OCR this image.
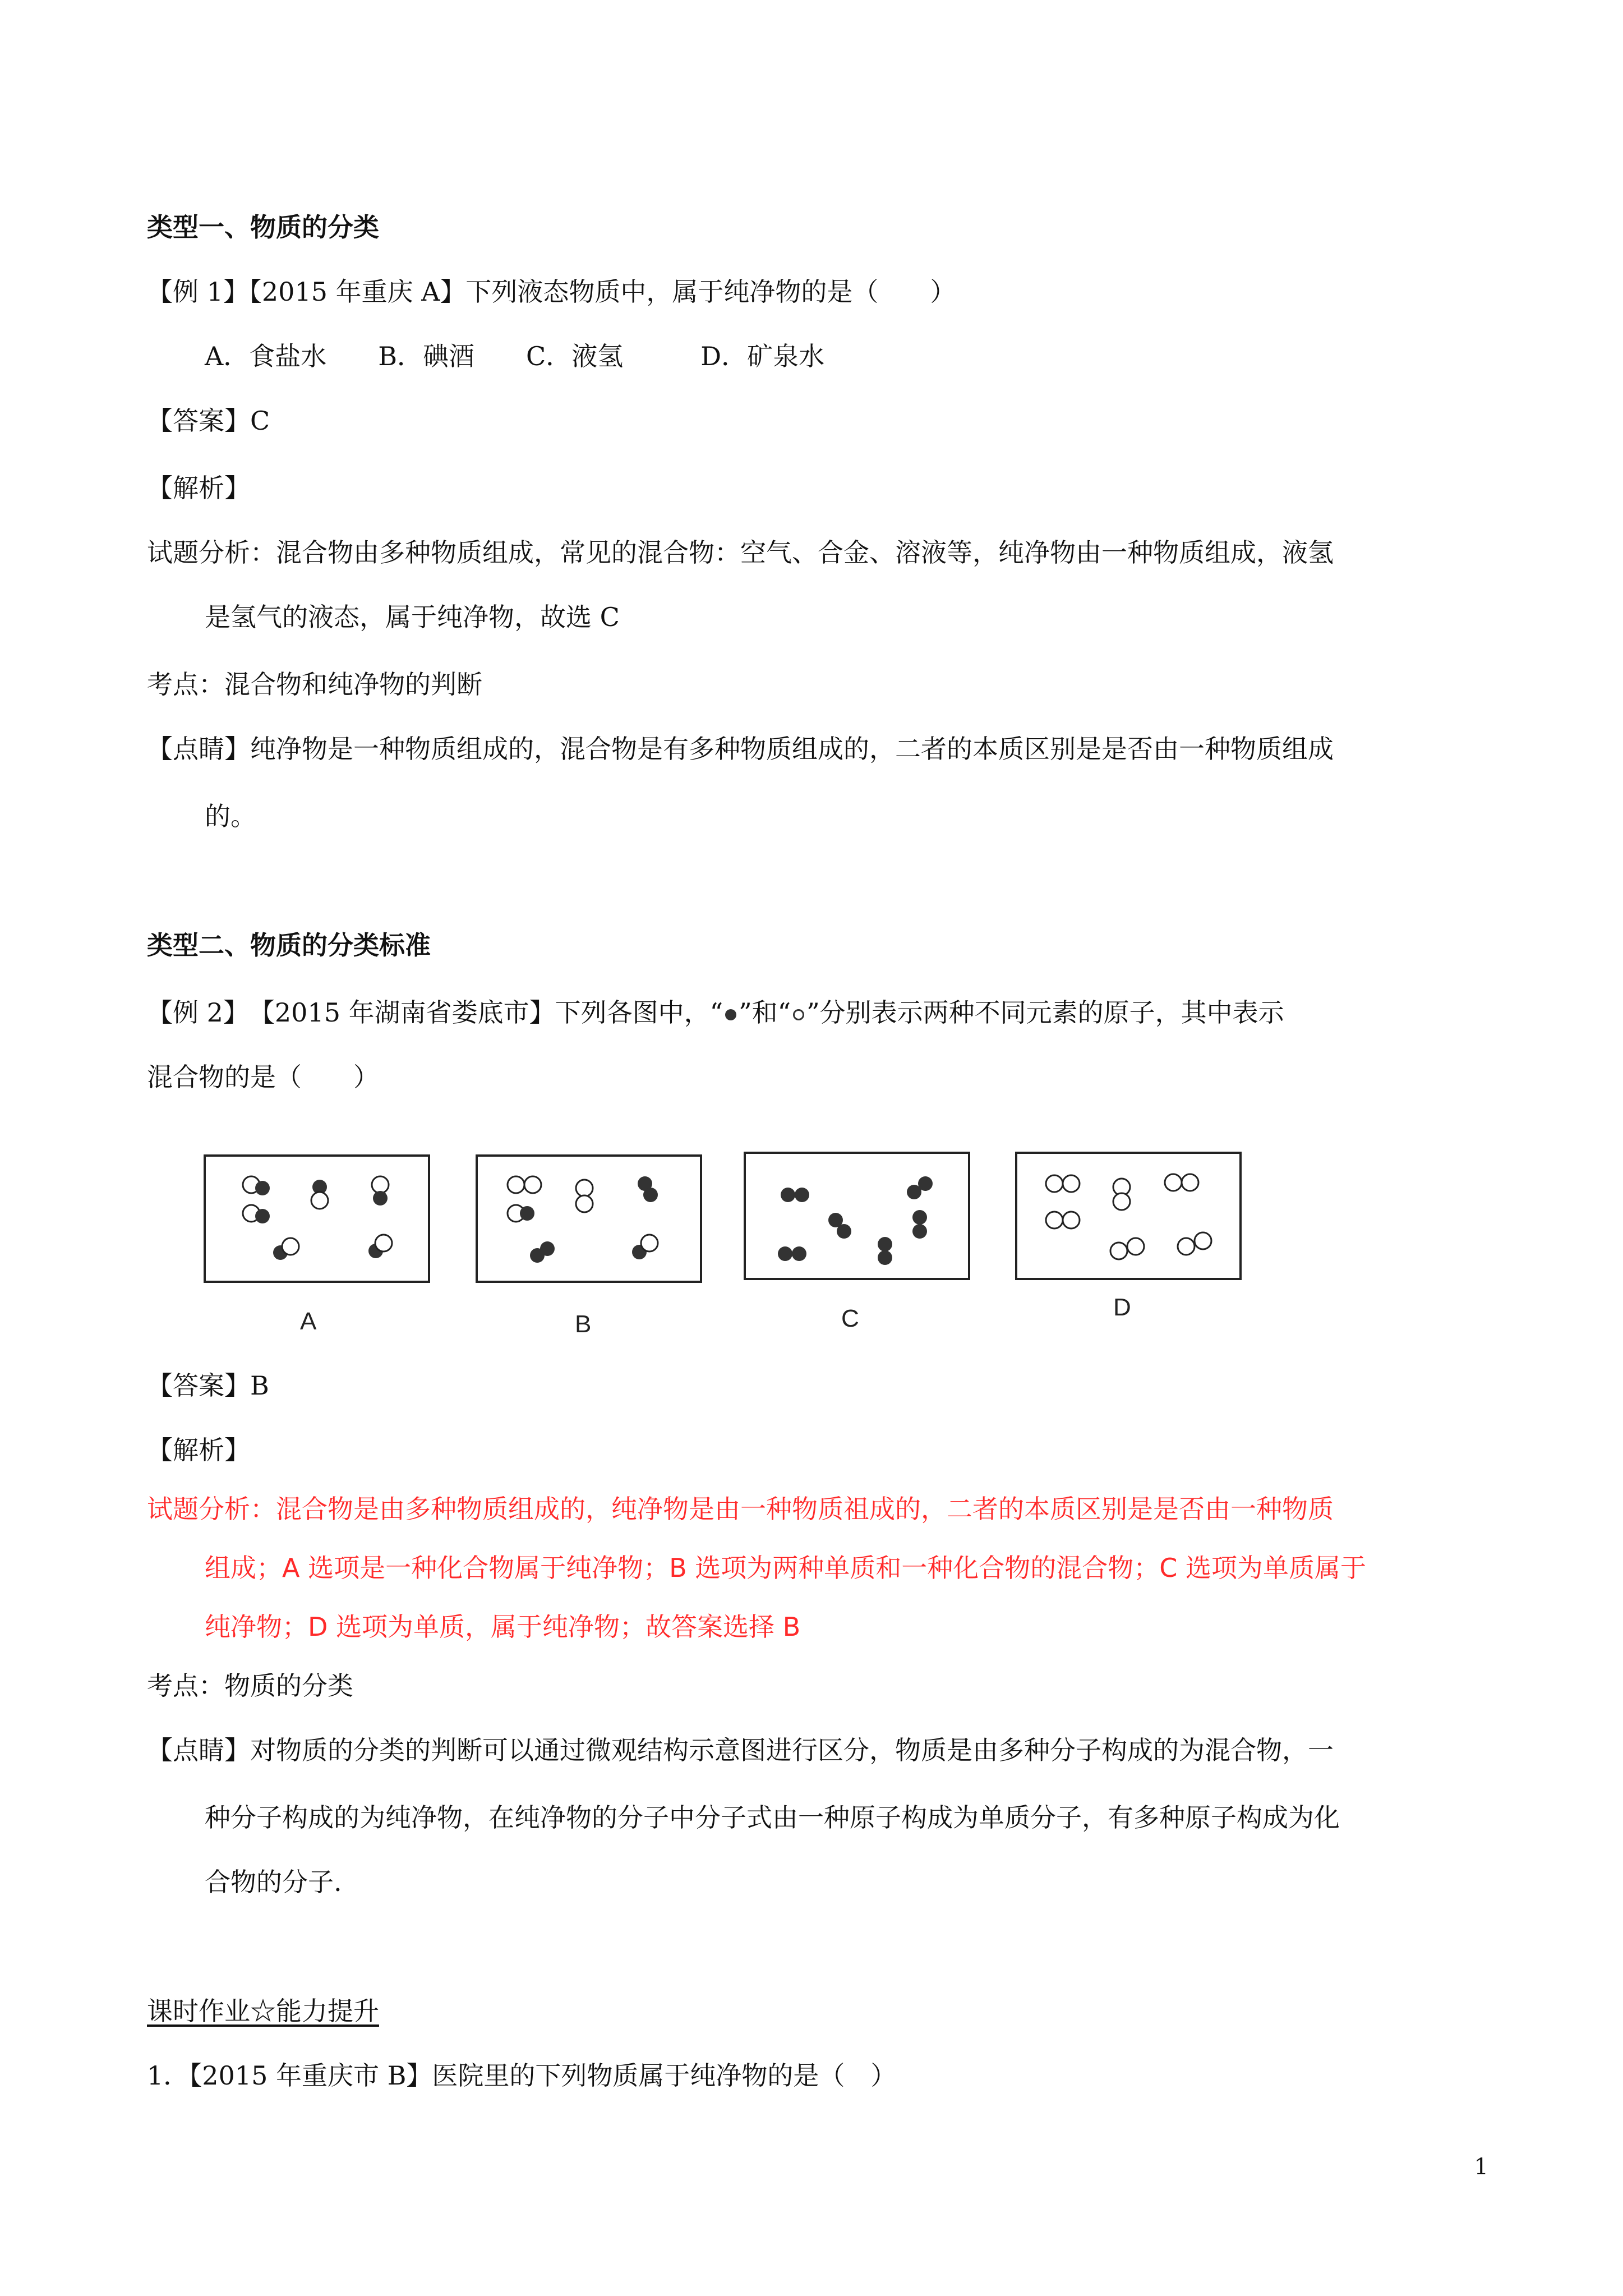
类型一、物质的分类
【例 1】【2015 年重庆 A】下列液态物质中，属于纯净物的是（　　）
A．食盐水　　B．碘酒　　C．液氢　　　D．矿泉水
【答案】C
【解析】
试题分析：混合物由多种物质组成，常见的混合物：空气、合金、溶液等，纯净物由一种物质组成，液氢
是氢气的液态，属于纯净物，故选 C
考点：混合物和纯净物的判断
【点睛】纯净物是一种物质组成的，混合物是有多种物质组成的，二者的本质区别是是否由一种物质组成
的。
类型二、物质的分类标准
【例 2】　【2015 年湖南省娄底市】下列各图中，“ ”和“ ”分别表示两种不同元素的原子，其中表示
混合物的是（　　）
A	B	C	D
【答案】B
【解析】
试题分析：混合物是由多种物质组成的，纯净物是由一种物质祖成的，二者的本质区别是是否由一种物质
组成；A 选项是一种化合物属于纯净物；B 选项为两种单质和一种化合物的混合物；C 选项为单质属于
纯净物；D 选项为单质，属于纯净物；故答案选择 B
考点：物质的分类
【点睛】对物质的分类的判断可以通过微观结构示意图进行区分，物质是由多种分子构成的为混合物，一
种分子构成的为纯净物，在纯净物的分子中分子式由一种原子构成为单质分子，有多种原子构成为化
合物的分子.
课时作业☆能力提升
1．【2015 年重庆市 B】医院里的下列物质属于纯净物的是（　）
1
